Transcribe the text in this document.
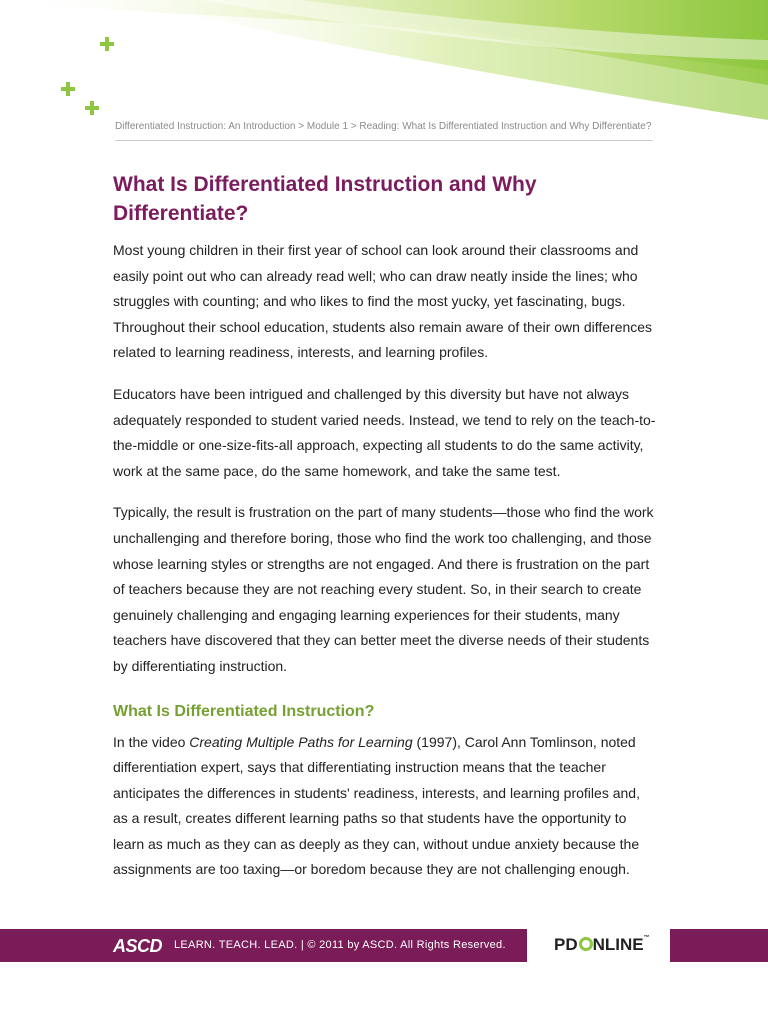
Differentiated Instruction: An Introduction > Module 1 > Reading: What Is Differentiated Instruction and Why Differentiate?
What Is Differentiated Instruction and Why Differentiate?

Most young children in their first year of school can look around their classrooms and easily point out who can already read well; who can draw neatly inside the lines; who struggles with counting; and who likes to find the most yucky, yet fascinating, bugs. Throughout their school education, students also remain aware of their own differences related to learning readiness, interests, and learning profiles.

Educators have been intrigued and challenged by this diversity but have not always adequately responded to student varied needs. Instead, we tend to rely on the teach-to-the-middle or one-size-fits-all approach, expecting all students to do the same activity, work at the same pace, do the same homework, and take the same test.

Typically, the result is frustration on the part of many students—those who find the work unchallenging and therefore boring, those who find the work too challenging, and those whose learning styles or strengths are not engaged. And there is frustration on the part of teachers because they are not reaching every student. So, in their search to create genuinely challenging and engaging learning experiences for their students, many teachers have discovered that they can better meet the diverse needs of their students by differentiating instruction.

What Is Differentiated Instruction?

In the video Creating Multiple Paths for Learning (1997), Carol Ann Tomlinson, noted differentiation expert, says that differentiating instruction means that the teacher anticipates the differences in students' readiness, interests, and learning profiles and, as a result, creates different learning paths so that students have the opportunity to learn as much as they can as deeply as they can, without undue anxiety because the assignments are too taxing—or boredom because they are not challenging enough.

ASCD LEARN. TEACH. LEAD. | © 2011 by ASCD. All Rights Reserved.	PD NLINE™
